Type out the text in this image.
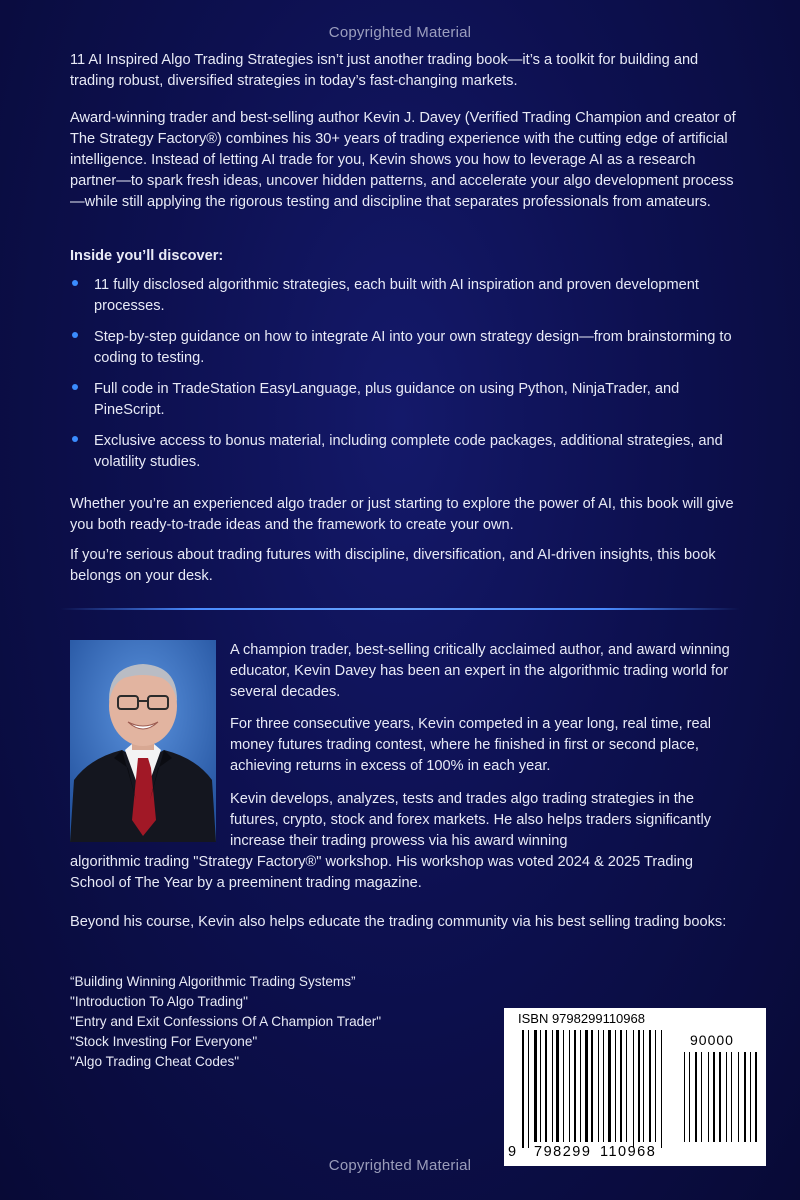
Copyrighted Material

11 AI Inspired Algo Trading Strategies isn’t just another trading book—it’s a toolkit for building and trading robust, diversified strategies in today’s fast-changing markets.

Award-winning trader and best-selling author Kevin J. Davey (Verified Trading Champion and creator of The Strategy Factory®) combines his 30+ years of trading experience with the cutting edge of artificial intelligence. Instead of letting AI trade for you, Kevin shows you how to leverage AI as a research partner—to spark fresh ideas, uncover hidden patterns, and accelerate your algo development process—while still applying the rigorous testing and discipline that separates professionals from amateurs.

Inside you’ll discover:

11 fully disclosed algorithmic strategies, each built with AI inspiration and proven development processes.
Step-by-step guidance on how to integrate AI into your own strategy design—from brainstorming to coding to testing.
Full code in TradeStation EasyLanguage, plus guidance on using Python, NinjaTrader, and PineScript.
Exclusive access to bonus material, including complete code packages, additional strategies, and volatility studies.

Whether you’re an experienced algo trader or just starting to explore the power of AI, this book will give you both ready-to-trade ideas and the framework to create your own.

If you’re serious about trading futures with discipline, diversification, and AI-driven insights, this book belongs on your desk.

A champion trader, best-selling critically acclaimed author, and award winning educator, Kevin Davey has been an expert in the algorithmic trading world for several decades.

For three consecutive years, Kevin competed in a year long, real time, real money futures trading contest, where he finished in first or second place, achieving returns in excess of 100% in each year.

Kevin develops, analyzes, tests and trades algo trading strategies in the futures, crypto, stock and forex markets. He also helps traders significantly increase their trading prowess via his award winning

algorithmic trading "Strategy Factory®" workshop. His workshop was voted 2024 & 2025 Trading School of The Year by a preeminent trading magazine.

Beyond his course, Kevin also helps educate the trading community via his best selling trading books:

“Building Winning Algorithmic Trading Systems”
"Introduction To Algo Trading"
"Entry and Exit Confessions Of A Champion Trader"
"Stock Investing For Everyone"
"Algo Trading Cheat Codes"
ISBN 9798299110968
90000
9 798299 110968
Copyrighted Material
